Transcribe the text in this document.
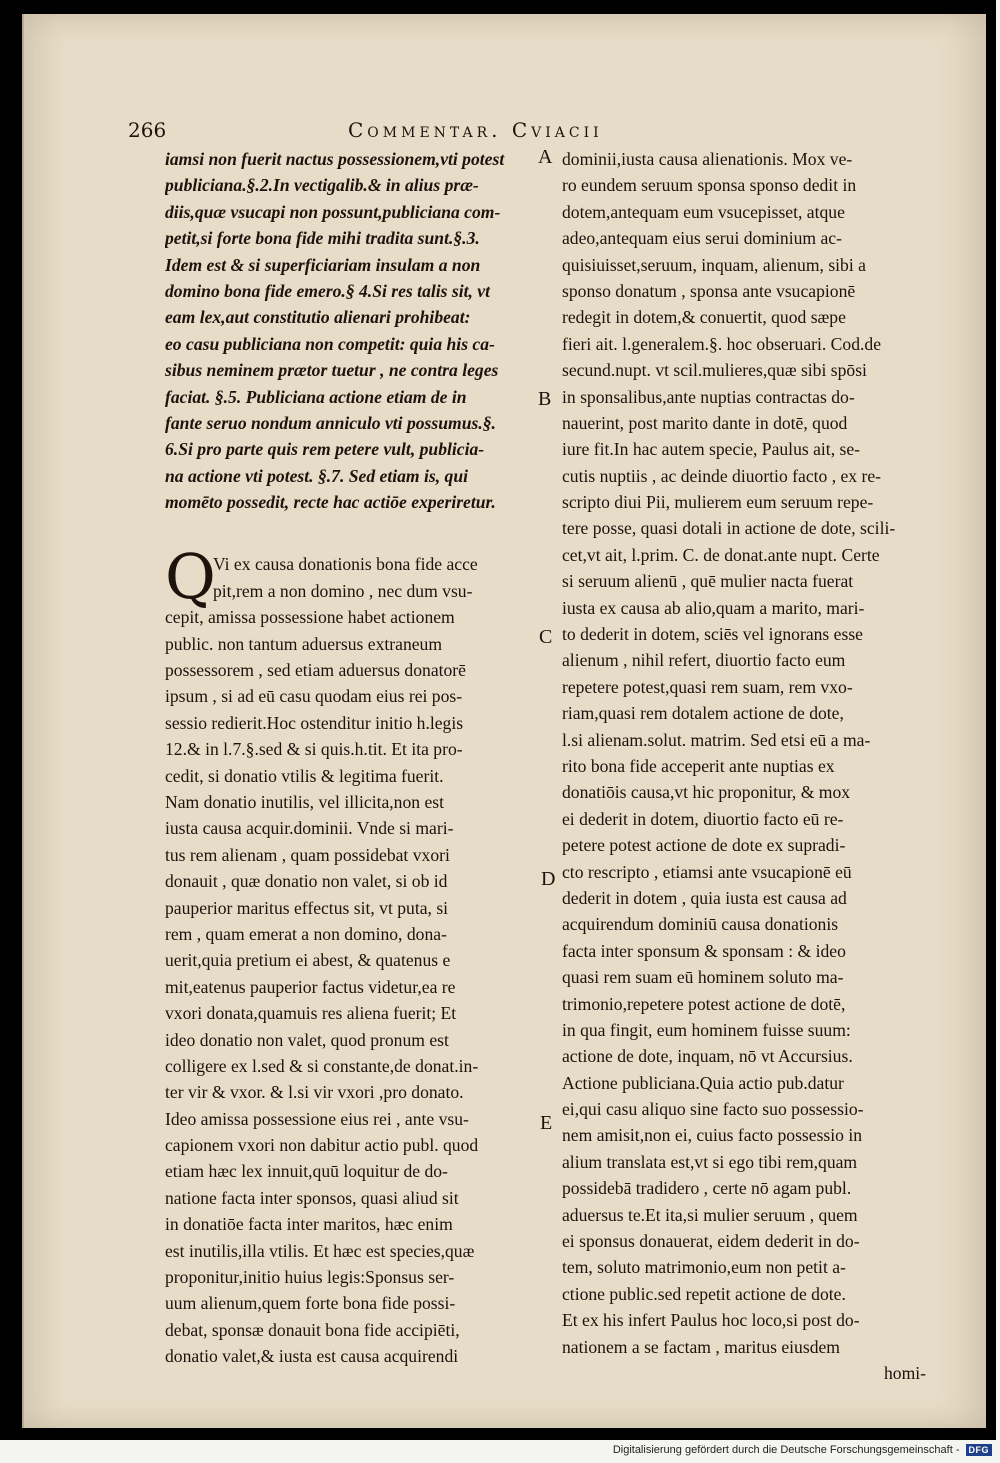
266	Commentar. Cviacii
iamsi non fuerit nactus possessionem,vti potest
publiciana.§.2.In vectigalib.& in alius præ-
diis,quæ vsucapi non possunt,publiciana com-
petit,si forte bona fide mihi tradita sunt.§.3.
Idem est & si superficiariam insulam a non
domino bona fide emero.§ 4.Si res talis sit, vt
eam lex,aut constitutio alienari prohibeat:
eo casu publiciana non competit: quia his ca-
sibus neminem prætor tuetur , ne contra leges
faciat. §.5. Publiciana actione etiam de in
fante seruo nondum anniculo vti possumus.§.
6.Si pro parte quis rem petere vult, publicia-
na actione vti potest. §.7. Sed etiam is, qui
momēto possedit, recte hac actiōe experiretur.
Q
Vi ex causa donationis bona fide acce
pit,rem a non domino , nec dum vsu-
cepit, amissa possessione habet actionem
public. non tantum aduersus extraneum
possessorem , sed etiam aduersus donatorē
ipsum , si ad eū casu quodam eius rei pos-
sessio redierit.Hoc ostenditur initio h.legis
12.& in l.7.§.sed & si quis.h.tit. Et ita pro-
cedit, si donatio vtilis & legitima fuerit.
Nam donatio inutilis, vel illicita,non est
iusta causa acquir.dominii. Vnde si mari-
tus rem alienam , quam possidebat vxori
donauit , quæ donatio non valet, si ob id
pauperior maritus effectus sit, vt puta, si
rem , quam emerat a non domino, dona-
uerit,quia pretium ei abest, & quatenus e
mit,eatenus pauperior factus videtur,ea re
vxori donata,quamuis res aliena fuerit; Et
ideo donatio non valet, quod pronum est
colligere ex l.sed & si constante,de donat.in-
ter vir & vxor. & l.si vir vxori ,pro donato.
Ideo amissa possessione eius rei , ante vsu-
capionem vxori non dabitur actio publ. quod
etiam hæc lex innuit,quū loquitur de do-
natione facta inter sponsos, quasi aliud sit
in donatiōe facta inter maritos, hæc enim
est inutilis,illa vtilis. Et hæc est species,quæ
proponitur,initio huius legis:Sponsus ser-
uum alienum,quem forte bona fide possi-
debat, sponsæ donauit bona fide accipiēti,
donatio valet,& iusta est causa acquirendi
dominii,iusta causa alienationis. Mox ve-
ro eundem seruum sponsa sponso dedit in
dotem,antequam eum vsucepisset, atque
adeo,antequam eius serui dominium ac-
quisiuisset,seruum, inquam, alienum, sibi a
sponso donatum , sponsa ante vsucapionē
redegit in dotem,& conuertit, quod sæpe
fieri ait. l.generalem.§. hoc obseruari. Cod.de
secund.nupt. vt scil.mulieres,quæ sibi spōsi
in sponsalibus,ante nuptias contractas do-
nauerint, post marito dante in dotē, quod
iure fit.In hac autem specie, Paulus ait, se-
cutis nuptiis , ac deinde diuortio facto , ex re-
scripto diui Pii, mulierem eum seruum repe-
tere posse, quasi dotali in actione de dote, scili-
cet,vt ait, l.prim. C. de donat.ante nupt. Certe
si seruum alienū , quē mulier nacta fuerat
iusta ex causa ab alio,quam a marito, mari-
to dederit in dotem, sciēs vel ignorans esse
alienum , nihil refert, diuortio facto eum
repetere potest,quasi rem suam, rem vxo-
riam,quasi rem dotalem actione de dote,
l.si alienam.solut. matrim. Sed etsi eū a ma-
rito bona fide acceperit ante nuptias ex
donatiōis causa,vt hic proponitur, & mox
ei dederit in dotem, diuortio facto eū re-
petere potest actione de dote ex supradi-
cto rescripto , etiamsi ante vsucapionē eū
dederit in dotem , quia iusta est causa ad
acquirendum dominiū causa donationis
facta inter sponsum & sponsam : & ideo
quasi rem suam eū hominem soluto ma-
trimonio,repetere potest actione de dotē,
in qua fingit, eum hominem fuisse suum:
actione de dote, inquam, nō vt Accursius.
Actione publiciana.Quia actio pub.datur
ei,qui casu aliquo sine facto suo possessio-
nem amisit,non ei, cuius facto possessio in
alium translata est,vt si ego tibi rem,quam
possidebā tradidero , certe nō agam publ.
aduersus te.Et ita,si mulier seruum , quem
ei sponsus donauerat, eidem dederit in do-
tem, soluto matrimonio,eum non petit a-
ctione public.sed repetit actione de dote.
Et ex his infert Paulus hoc loco,si post do-
nationem a se factam , maritus eiusdem
homi-
A
B
C
D
E
Digitalisierung gefördert durch die Deutsche Forschungsgemeinschaft -	DFG
